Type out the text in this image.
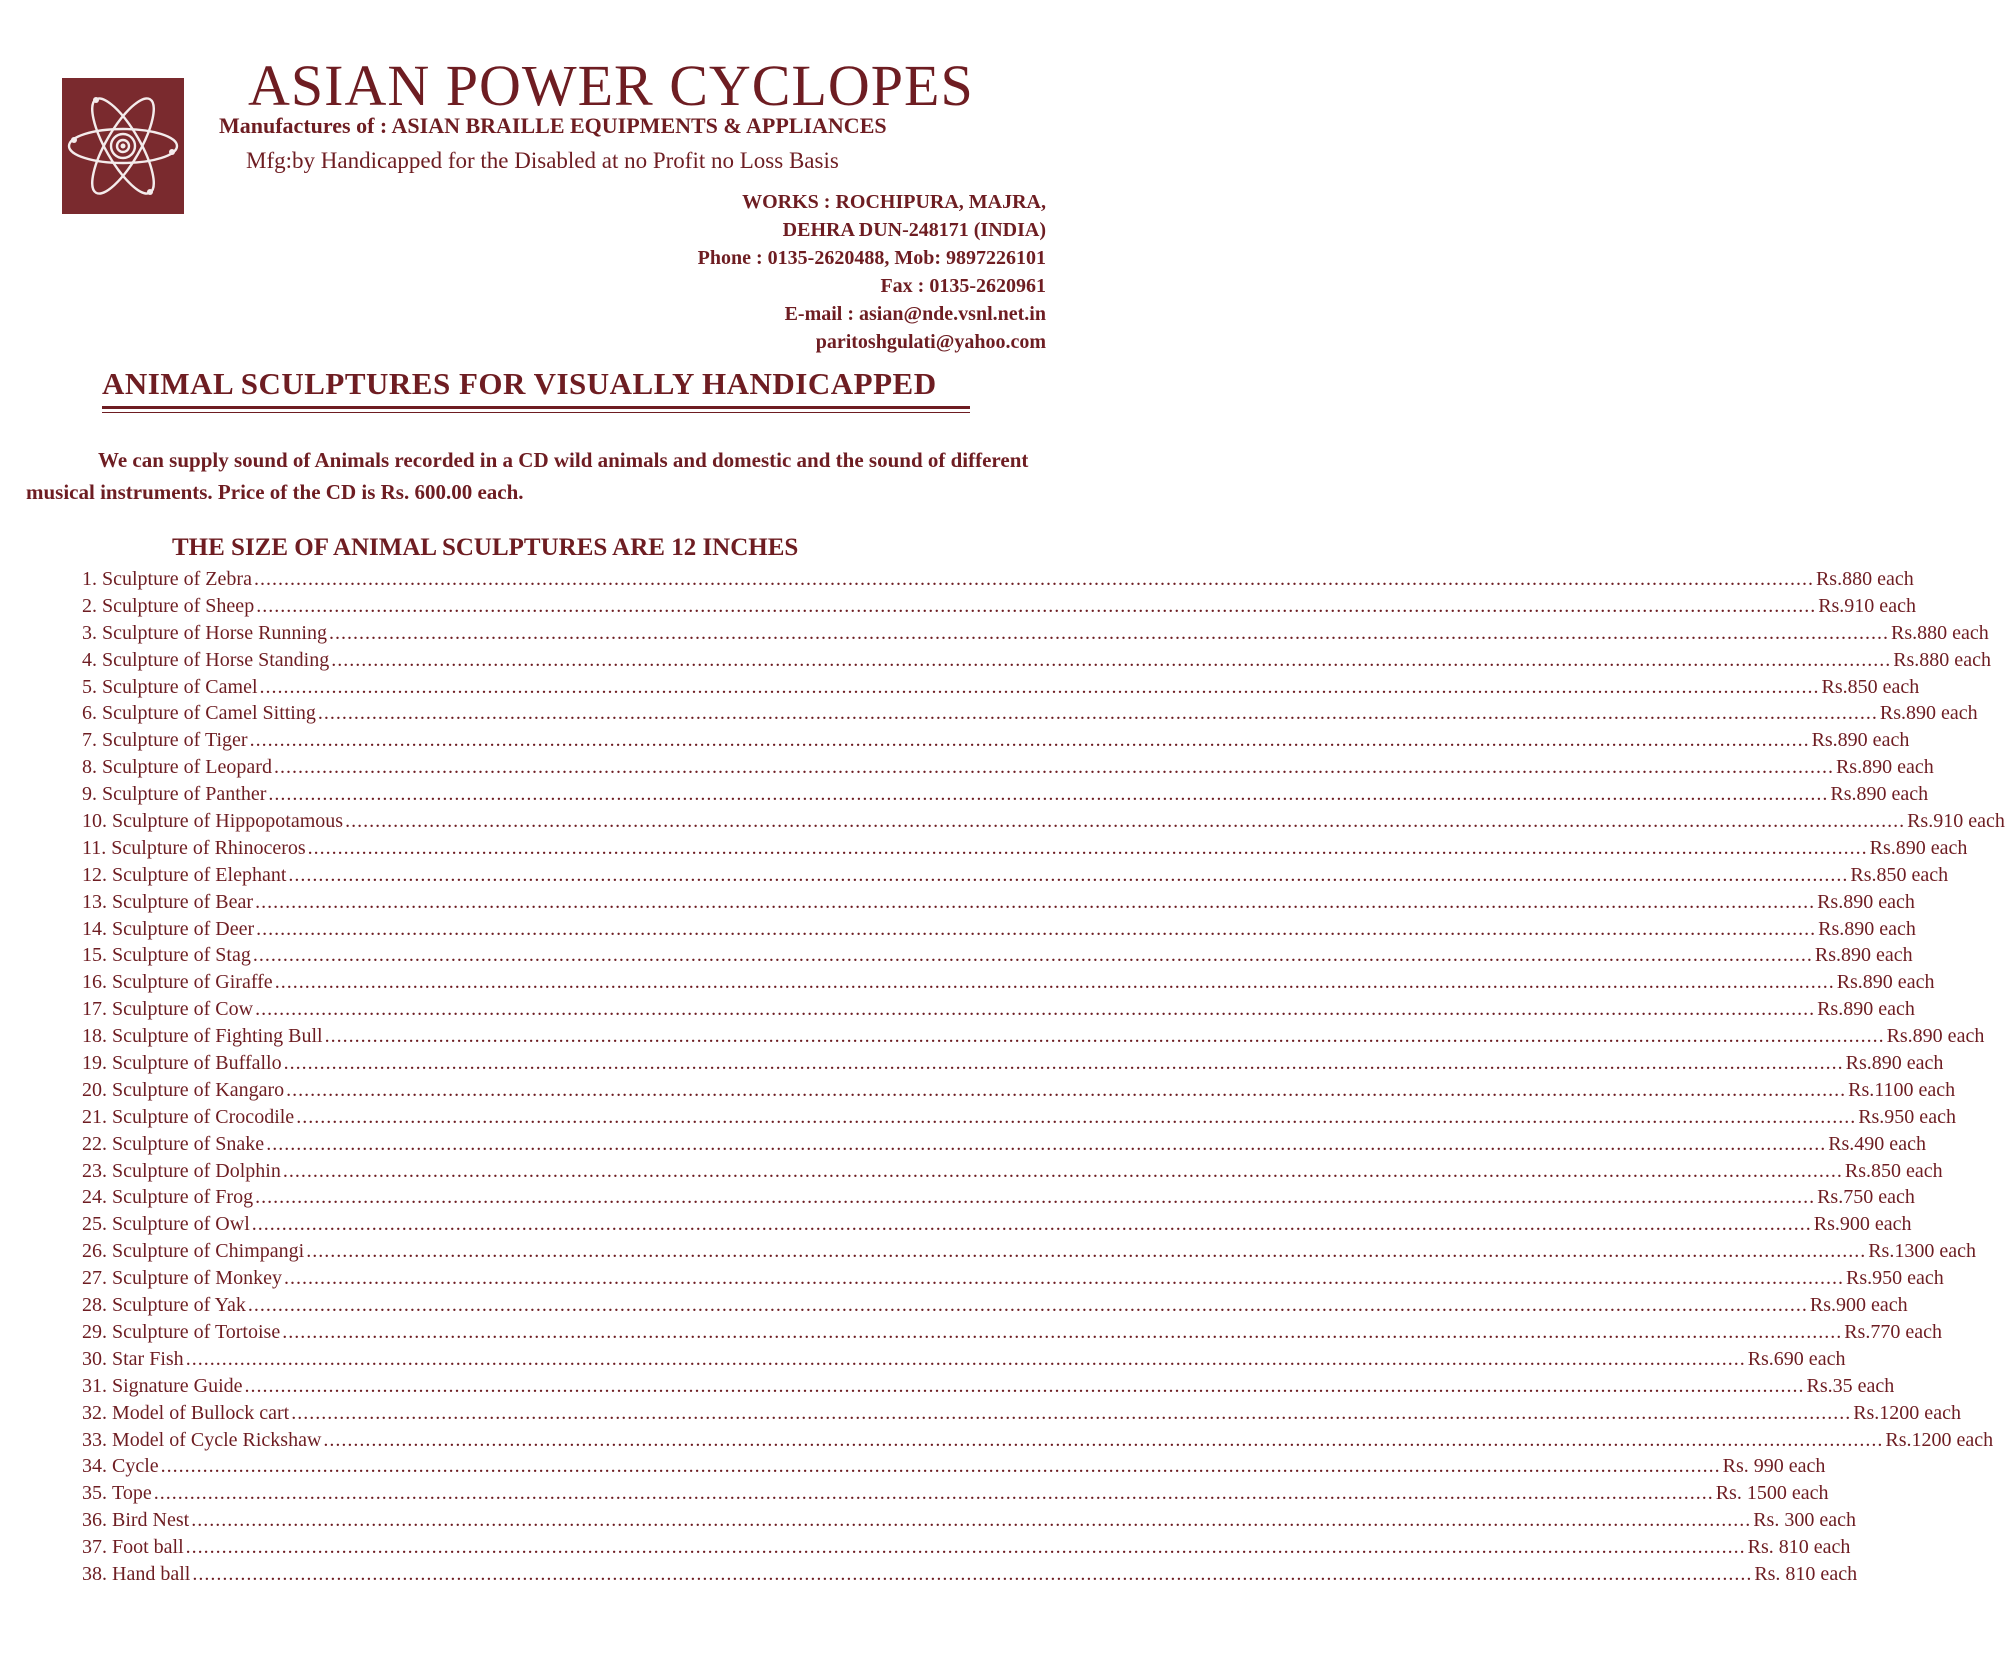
ASIAN POWER CYCLOPES
Manufactures of : ASIAN BRAILLE EQUIPMENTS & APPLIANCES
Mfg:by Handicapped for the Disabled at no Profit no Loss Basis
WORKS : ROCHIPURA, MAJRA,
DEHRA DUN-248171 (INDIA)
Phone : 0135-2620488, Mob: 9897226101
Fax : 0135-2620961
E-mail : asian@nde.vsnl.net.in
paritoshgulati@yahoo.com
ANIMAL SCULPTURES FOR VISUALLY HANDICAPPED
We can supply sound of Animals recorded in a CD wild animals and domestic and the sound of different musical instruments. Price of the CD is Rs. 600.00 each.
THE SIZE OF ANIMAL SCULPTURES ARE 12 INCHES
1. Sculpture of Zebra .................................................................................................................................................................................................................................................................... Rs.880 each
2. Sculpture of Sheep .................................................................................................................................................................................................................................................................... Rs.910 each
3. Sculpture of Horse Running .................................................................................................................................................................................................................................................................... Rs.880 each
4. Sculpture of Horse Standing .................................................................................................................................................................................................................................................................... Rs.880 each
5. Sculpture of Camel .................................................................................................................................................................................................................................................................... Rs.850 each
6. Sculpture of Camel Sitting .................................................................................................................................................................................................................................................................... Rs.890 each
7. Sculpture of Tiger .................................................................................................................................................................................................................................................................... Rs.890 each
8. Sculpture of Leopard .................................................................................................................................................................................................................................................................... Rs.890 each
9. Sculpture of Panther .................................................................................................................................................................................................................................................................... Rs.890 each
10. Sculpture of Hippopotamous .................................................................................................................................................................................................................................................................... Rs.910 each
11. Sculpture of Rhinoceros .................................................................................................................................................................................................................................................................... Rs.890 each
12. Sculpture of Elephant .................................................................................................................................................................................................................................................................... Rs.850 each
13. Sculpture of Bear .................................................................................................................................................................................................................................................................... Rs.890 each
14. Sculpture of Deer .................................................................................................................................................................................................................................................................... Rs.890 each
15. Sculpture of Stag .................................................................................................................................................................................................................................................................... Rs.890 each
16. Sculpture of Giraffe .................................................................................................................................................................................................................................................................... Rs.890 each
17. Sculpture of Cow .................................................................................................................................................................................................................................................................... Rs.890 each
18. Sculpture of Fighting Bull .................................................................................................................................................................................................................................................................... Rs.890 each
19. Sculpture of Buffallo .................................................................................................................................................................................................................................................................... Rs.890 each
20. Sculpture of Kangaro .................................................................................................................................................................................................................................................................... Rs.1100 each
21. Sculpture of Crocodile .................................................................................................................................................................................................................................................................... Rs.950 each
22. Sculpture of Snake .................................................................................................................................................................................................................................................................... Rs.490 each
23. Sculpture of Dolphin .................................................................................................................................................................................................................................................................... Rs.850 each
24. Sculpture of Frog .................................................................................................................................................................................................................................................................... Rs.750 each
25. Sculpture of Owl .................................................................................................................................................................................................................................................................... Rs.900 each
26. Sculpture of Chimpangi .................................................................................................................................................................................................................................................................... Rs.1300 each
27. Sculpture of Monkey .................................................................................................................................................................................................................................................................... Rs.950 each
28. Sculpture of Yak .................................................................................................................................................................................................................................................................... Rs.900 each
29. Sculpture of Tortoise .................................................................................................................................................................................................................................................................... Rs.770 each
30. Star Fish .................................................................................................................................................................................................................................................................... Rs.690 each
31. Signature Guide .................................................................................................................................................................................................................................................................... Rs.35 each
32. Model of Bullock cart .................................................................................................................................................................................................................................................................... Rs.1200 each
33. Model of Cycle Rickshaw .................................................................................................................................................................................................................................................................... Rs.1200 each
34. Cycle .................................................................................................................................................................................................................................................................... Rs. 990 each
35. Tope .................................................................................................................................................................................................................................................................... Rs. 1500 each
36. Bird Nest .................................................................................................................................................................................................................................................................... Rs. 300 each
37. Foot ball .................................................................................................................................................................................................................................................................... Rs. 810 each
38. Hand ball .................................................................................................................................................................................................................................................................... Rs. 810 each
